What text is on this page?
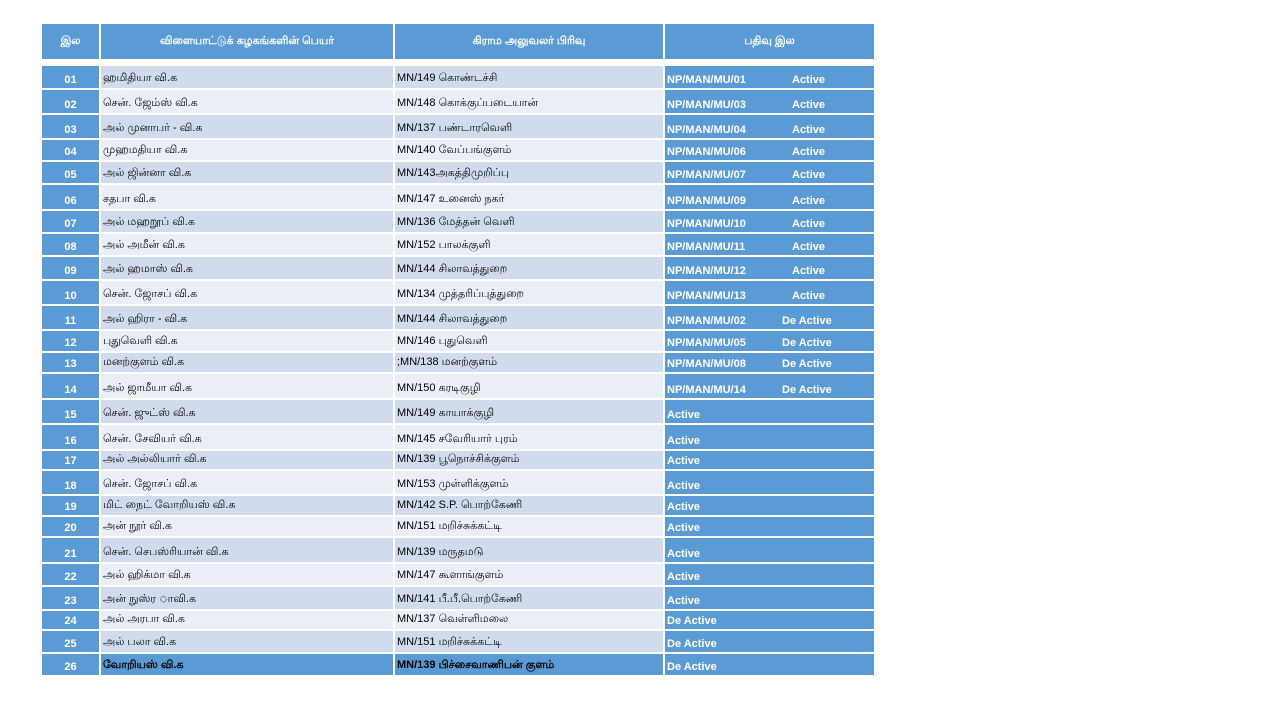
இல	விளையாட்டுக் கழகங்களின் பெயர்	கிராம அலுவலர் பிரிவு	பதிவு இல

01	ஹமிதியா வி.க	MN/149 கொண்டச்சி	NP/MAN/MU/01 Active
02	சென். ஜேம்ஸ் வி.க	MN/148 கொக்குப்படையான்	NP/MAN/MU/03 Active
03	அல் முனாபர் - வி.க	MN/137 பண்டாரவெளி	NP/MAN/MU/04 Active
04	முஹமதியா வி.க	MN/140 வேப்பங்குளம்	NP/MAN/MU/06 Active
05	அல் ஜின்னா வி.க	MN/143அகத்திமுறிப்பு	NP/MAN/MU/07 Active
06	சதபா வி.க	MN/147 உனைஸ் நகர்	NP/MAN/MU/09 Active
07	அல் மஹறூப் வி.க	MN/136 மேத்தன் வெளி	NP/MAN/MU/10 Active
08	அல் அமீன் வி.க	MN/152 பாலக்குளி	NP/MAN/MU/11 Active
09	அல் ஹமாஸ் வி.க	MN/144 சிலாவத்துறை	NP/MAN/MU/12 Active
10	சென். ஜோசப் வி.க	MN/134 முத்தரிப்புத்துறை	NP/MAN/MU/13 Active
11	அல் ஹிரா - வி.க	MN/144 சிலாவத்துறை	NP/MAN/MU/02 De Active
12	புதுவெளி வி.க	MN/146 புதுவெளி	NP/MAN/MU/05 De Active
13	மனற்குளம் வி.க	;MN/138 மனற்குளம்	NP/MAN/MU/08 De Active
14	அல் ஜாமீயா வி.க	MN/150 கரடிகுழி	NP/MAN/MU/14 De Active
15	சென். ஜுட்ஸ் வி.க	MN/149 காயாக்குழி	Active
16	சென். சேவியர் வி.க	MN/145 சவேரியார் புரம்	Active
17	அல் அல்லியார் வி.க	MN/139 பூநொச்சிக்குளம்	Active
18	சென். ஜோசப் வி.க	MN/153 முள்ளிக்குளம்	Active
19	மிட் நைட் வோறியஸ் வி.க	MN/142 S.P. பொற்கேணி	Active
20	அன் நூர் வி.க	MN/151 மறிச்சுக்கட்டி	Active
21	சென். செபஸ்ரியான் வி.க	MN/139 மருதமடு	Active
22	அல் ஹிக்மா வி.க	MN/147 கூளாங்குளம்	Active
23	அன் நுஸ்ர ாவி.க	MN/141 பீ.பீ.பொற்கேணி	Active
24	அல் அரபா வி.க	MN/137 வெள்ளிமலை	De Active
25	அல் பலா வி.க	MN/151 மறிச்சுக்கட்டி	De Active
26	வோறியஸ் வி.க	MN/139 பிச்சைவாணிபன் குளம்	De Active
